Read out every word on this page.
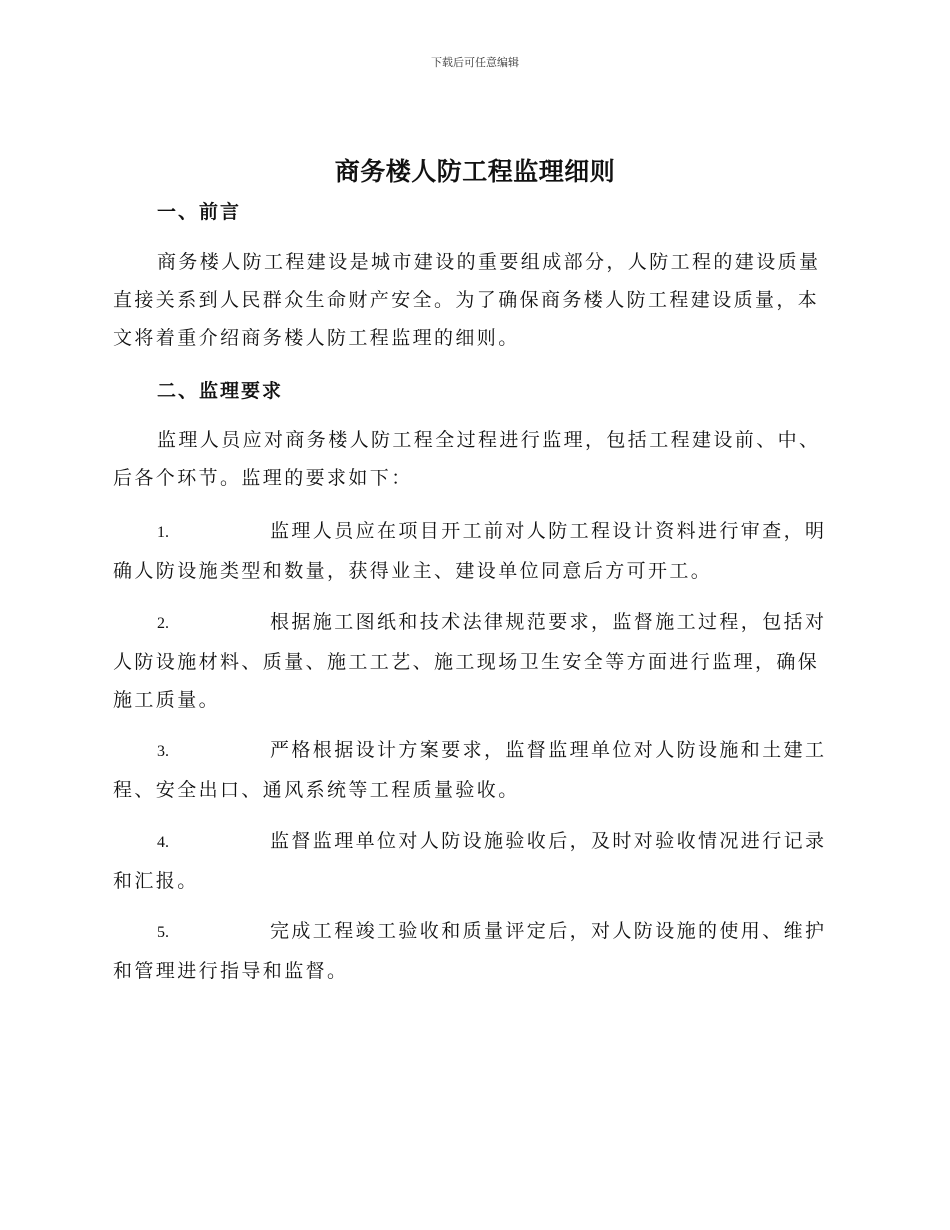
下载后可任意编辑
商务楼人防工程监理细则
一、前言
商务楼人防工程建设是城市建设的重要组成部分，人防工程的建设质量直接关系到人民群众生命财产安全。为了确保商务楼人防工程建设质量，本文将着重介绍商务楼人防工程监理的细则。
二、监理要求
监理人员应对商务楼人防工程全过程进行监理，包括工程建设前、中、后各个环节。监理的要求如下：
1.	监理人员应在项目开工前对人防工程设计资料进行审查，明确人防设施类型和数量，获得业主、建设单位同意后方可开工。
2.	根据施工图纸和技术法律规范要求，监督施工过程，包括对人防设施材料、质量、施工工艺、施工现场卫生安全等方面进行监理，确保施工质量。
3.	严格根据设计方案要求，监督监理单位对人防设施和土建工程、安全出口、通风系统等工程质量验收。
4.	监督监理单位对人防设施验收后，及时对验收情况进行记录和汇报。
5.	完成工程竣工验收和质量评定后，对人防设施的使用、维护和管理进行指导和监督。
